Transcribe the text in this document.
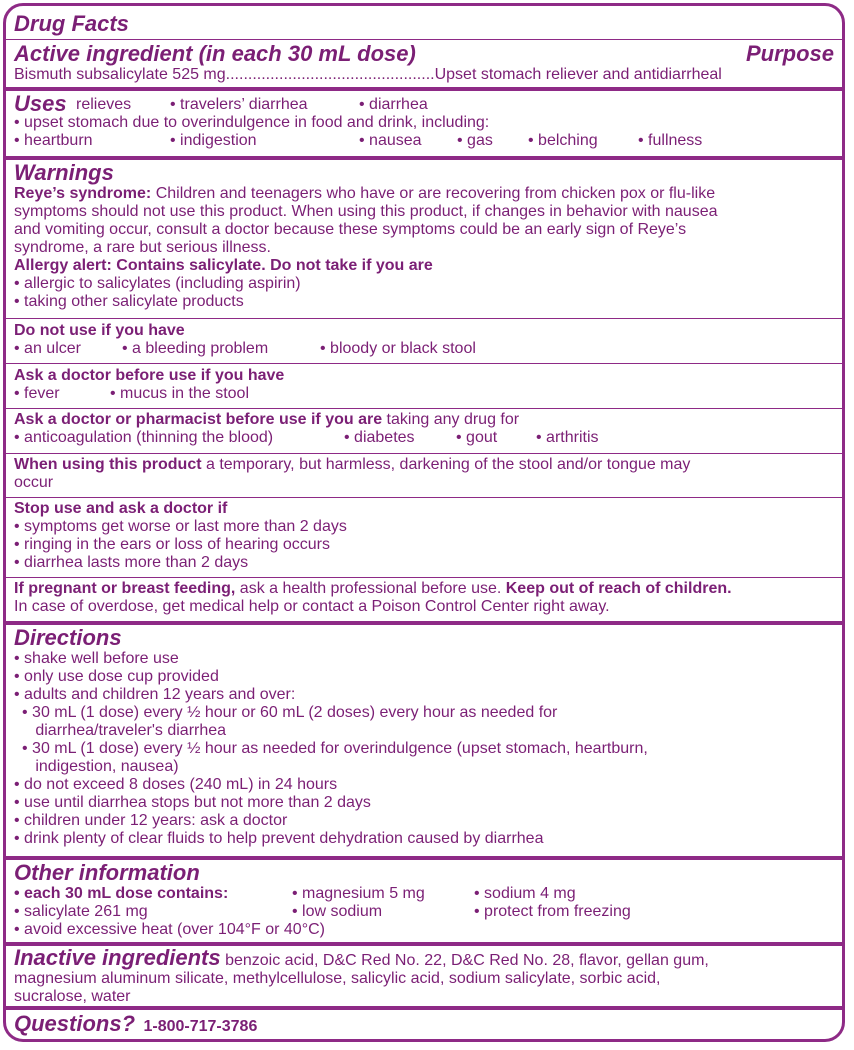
Drug Facts
Active ingredient (in each 30 mL dose)	Purpose
Bismuth subsalicylate 525 mg...............................................Upset stomach reliever and antidiarrheal
Uses relieves • travelers’ diarrhea	• diarrhea
• upset stomach due to overindulgence in food and drink, including:
• heartburn	• indigestion	• nausea • gas • belching	• fullness
Warnings
Reye’s syndrome: Children and teenagers who have or are recovering from chicken pox or flu-like
symptoms should not use this product. When using this product, if changes in behavior with nausea
and vomiting occur, consult a doctor because these symptoms could be an early sign of Reye’s
syndrome, a rare but serious illness.
Allergy alert: Contains salicylate. Do not take if you are
• allergic to salicylates (including aspirin)
• taking other salicylate products
Do not use if you have
• an ulcer	• a bleeding problem	• bloody or black stool
Ask a doctor before use if you have
• fever	• mucus in the stool
Ask a doctor or pharmacist before use if you are taking any drug for
• anticoagulation (thinning the blood)	• diabetes	• gout • arthritis
When using this product a temporary, but harmless, darkening of the stool and/or tongue may
occur
Stop use and ask a doctor if
• symptoms get worse or last more than 2 days
• ringing in the ears or loss of hearing occurs
• diarrhea lasts more than 2 days
If pregnant or breast feeding, ask a health professional before use. Keep out of reach of children.
In case of overdose, get medical help or contact a Poison Control Center right away.
Directions
• shake well before use
• only use dose cup provided
• adults and children 12 years and over:
• 30 mL (1 dose) every ½ hour or 60 mL (2 doses) every hour as needed for
diarrhea/traveler's diarrhea
• 30 mL (1 dose) every ½ hour as needed for overindulgence (upset stomach, heartburn,
indigestion, nausea)
• do not exceed 8 doses (240 mL) in 24 hours
• use until diarrhea stops but not more than 2 days
• children under 12 years: ask a doctor
• drink plenty of clear fluids to help prevent dehydration caused by diarrhea
Other information
• each 30 mL dose contains:	• magnesium 5 mg	• sodium 4 mg
• salicylate 261 mg	• low sodium	• protect from freezing
• avoid excessive heat (over 104°F or 40°C)
Inactive ingredients benzoic acid, D&C Red No. 22, D&C Red No. 28, flavor, gellan gum,
magnesium aluminum silicate, methylcellulose, salicylic acid, sodium salicylate, sorbic acid,
sucralose, water
Questions? 1-800-717-3786
